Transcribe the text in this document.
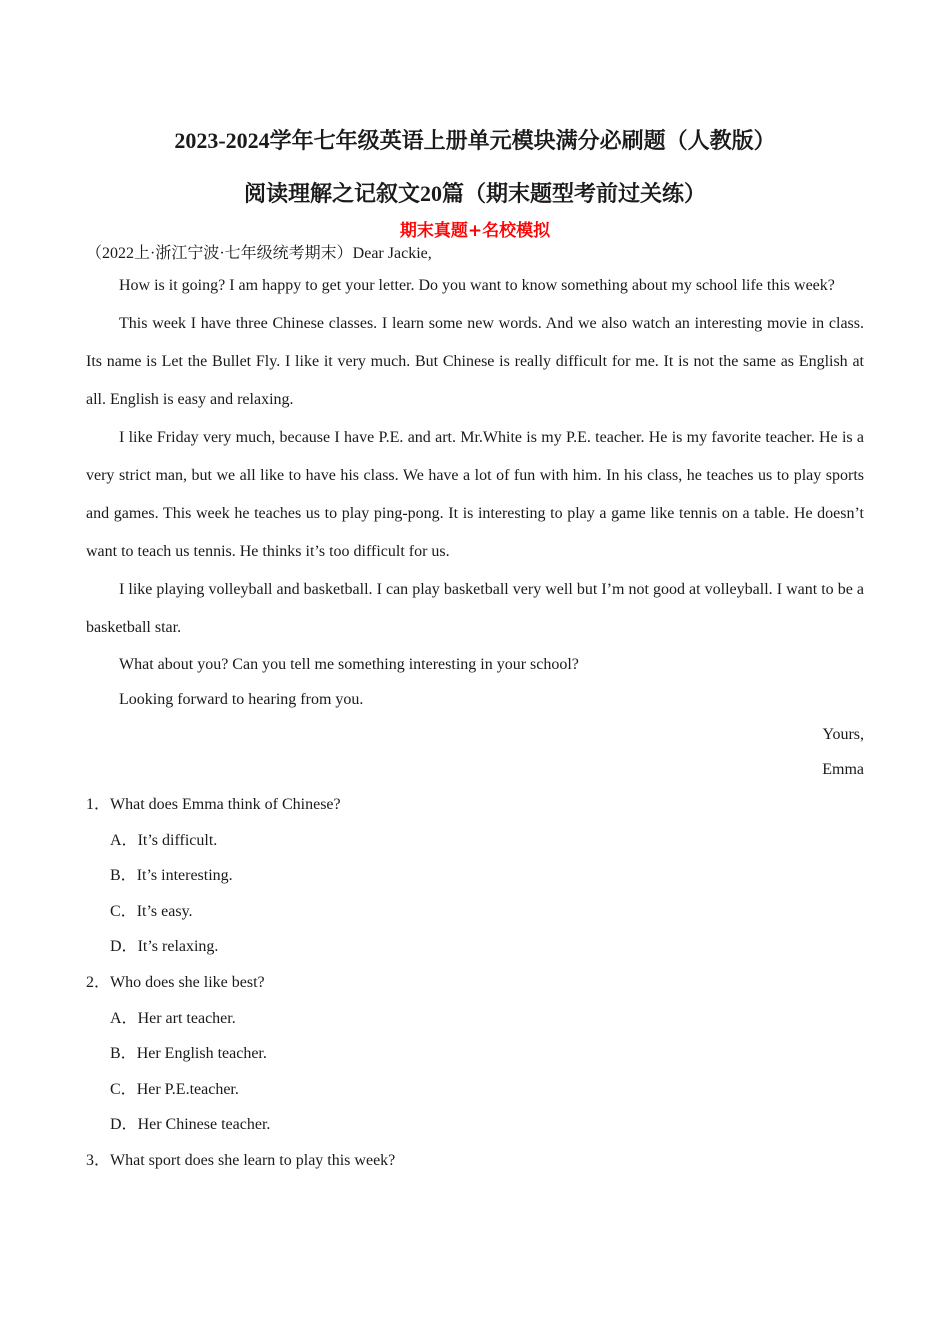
2023-2024学年七年级英语上册单元模块满分必刷题（人教版）
阅读理解之记叙文20篇（期末题型考前过关练）
期末真题+名校模拟

（2022上·浙江宁波·七年级统考期末）Dear Jackie,

How is it going? I am happy to get your letter. Do you want to know something about my school life this week?

This week I have three Chinese classes. I learn some new words. And we also watch an interesting movie in class. Its name is Let the Bullet Fly. I like it very much. But Chinese is really difficult for me. It is not the same as English at all. English is easy and relaxing.

I like Friday very much, because I have P.E. and art. Mr.White is my P.E. teacher. He is my favorite teacher. He is a very strict man, but we all like to have his class. We have a lot of fun with him. In his class, he teaches us to play sports and games. This week he teaches us to play ping-pong. It is interesting to play a game like tennis on a table. He doesn’t want to teach us tennis. He thinks it’s too difficult for us.

I like playing volleyball and basketball. I can play basketball very well but I’m not good at volleyball. I want to be a basketball star.

What about you? Can you tell me something interesting in your school?

Looking forward to hearing from you.

Yours,

Emma

1．What does Emma think of Chinese?

A．It’s difficult.

B．It’s interesting.

C．It’s easy.

D．It’s relaxing.

2．Who does she like best?

A．Her art teacher.

B．Her English teacher.

C．Her P.E.teacher.

D．Her Chinese teacher.

3．What sport does she learn to play this week?
